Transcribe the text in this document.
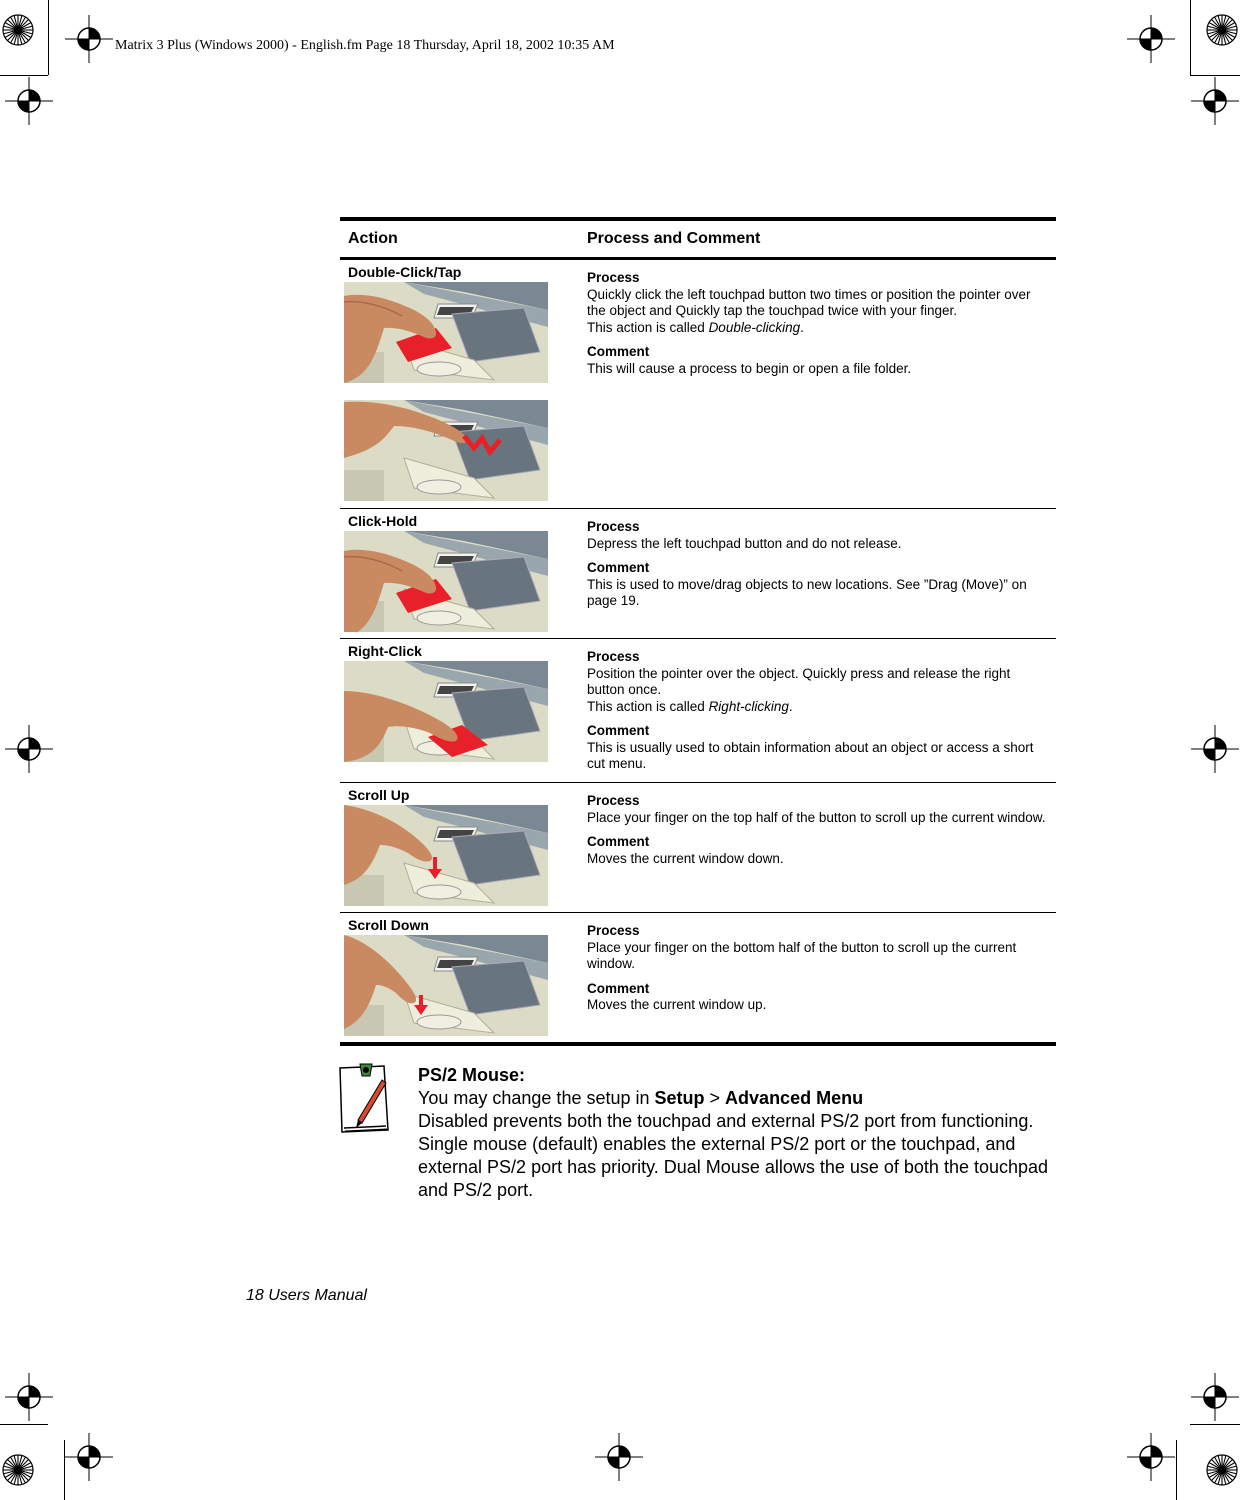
Matrix 3 Plus (Windows 2000) - English.fm Page 18 Thursday, April 18, 2002 10:35 AM
Action	Process and Comment
Double-Click/Tap	Process
Quickly click the left touchpad button two times or position the pointer over the object and Quickly tap the touchpad twice with your finger.
This action is called Double-clicking.
Comment
This will cause a process to begin or open a file folder.
Click-Hold	Process
Depress the left touchpad button and do not release.
Comment
This is used to move/drag objects to new locations. See ”Drag (Move)” on page 19.
Right-Click	Process
Position the pointer over the object. Quickly press and release the right button once.
This action is called Right-clicking.
Comment
This is usually used to obtain information about an object or access a short cut menu.
Scroll Up	Process
Place your finger on the top half of the button to scroll up the current window.
Comment
Moves the current window down.
Scroll Down	Process
Place your finger on the bottom half of the button to scroll up the current window.
Comment
Moves the current window up.
PS/2 Mouse:
You may change the setup in Setup > Advanced Menu
Disabled prevents both the touchpad and external PS/2 port from functioning. Single mouse (default) enables the external PS/2 port or the touchpad, and external PS/2 port has priority. Dual Mouse allows the use of both the touchpad and PS/2 port.
18 Users Manual
